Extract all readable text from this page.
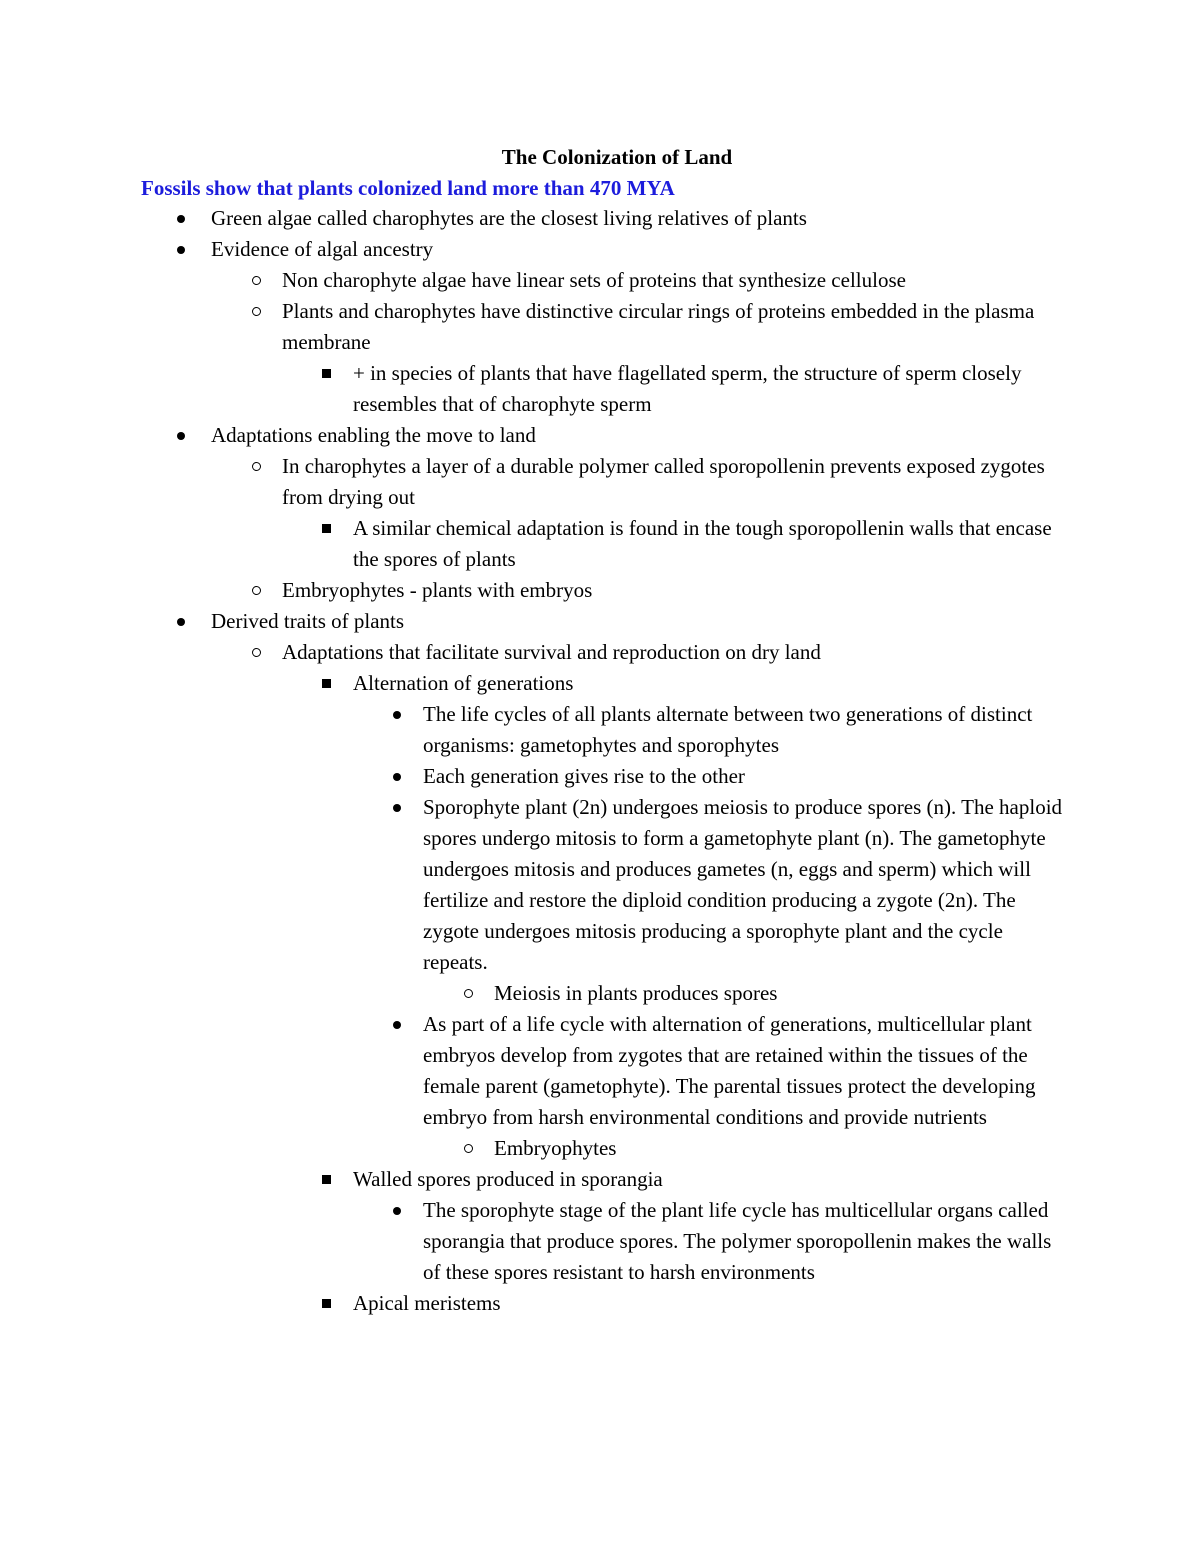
The Colonization of Land
Fossils show that plants colonized land more than 470 MYA
Green algae called charophytes are the closest living relatives of plants
Evidence of algal ancestry
Non charophyte algae have linear sets of proteins that synthesize cellulose
Plants and charophytes have distinctive circular rings of proteins embedded in the plasma membrane
+ in species of plants that have flagellated sperm, the structure of sperm closely resembles that of charophyte sperm
Adaptations enabling the move to land
In charophytes a layer of a durable polymer called sporopollenin prevents exposed zygotes from drying out
A similar chemical adaptation is found in the tough sporopollenin walls that encase the spores of plants
Embryophytes - plants with embryos
Derived traits of plants
Adaptations that facilitate survival and reproduction on dry land
Alternation of generations
The life cycles of all plants alternate between two generations of distinct organisms: gametophytes and sporophytes
Each generation gives rise to the other
Sporophyte plant (2n) undergoes meiosis to produce spores (n). The haploid spores undergo mitosis to form a gametophyte plant (n). The gametophyte undergoes mitosis and produces gametes (n, eggs and sperm) which will fertilize and restore the diploid condition producing a zygote (2n). The zygote undergoes mitosis producing a sporophyte plant and the cycle repeats.
Meiosis in plants produces spores
As part of a life cycle with alternation of generations, multicellular plant embryos develop from zygotes that are retained within the tissues of the female parent (gametophyte). The parental tissues protect the developing embryo from harsh environmental conditions and provide nutrients
Embryophytes
Walled spores produced in sporangia
The sporophyte stage of the plant life cycle has multicellular organs called sporangia that produce spores. The polymer sporopollenin makes the walls of these spores resistant to harsh environments
Apical meristems
